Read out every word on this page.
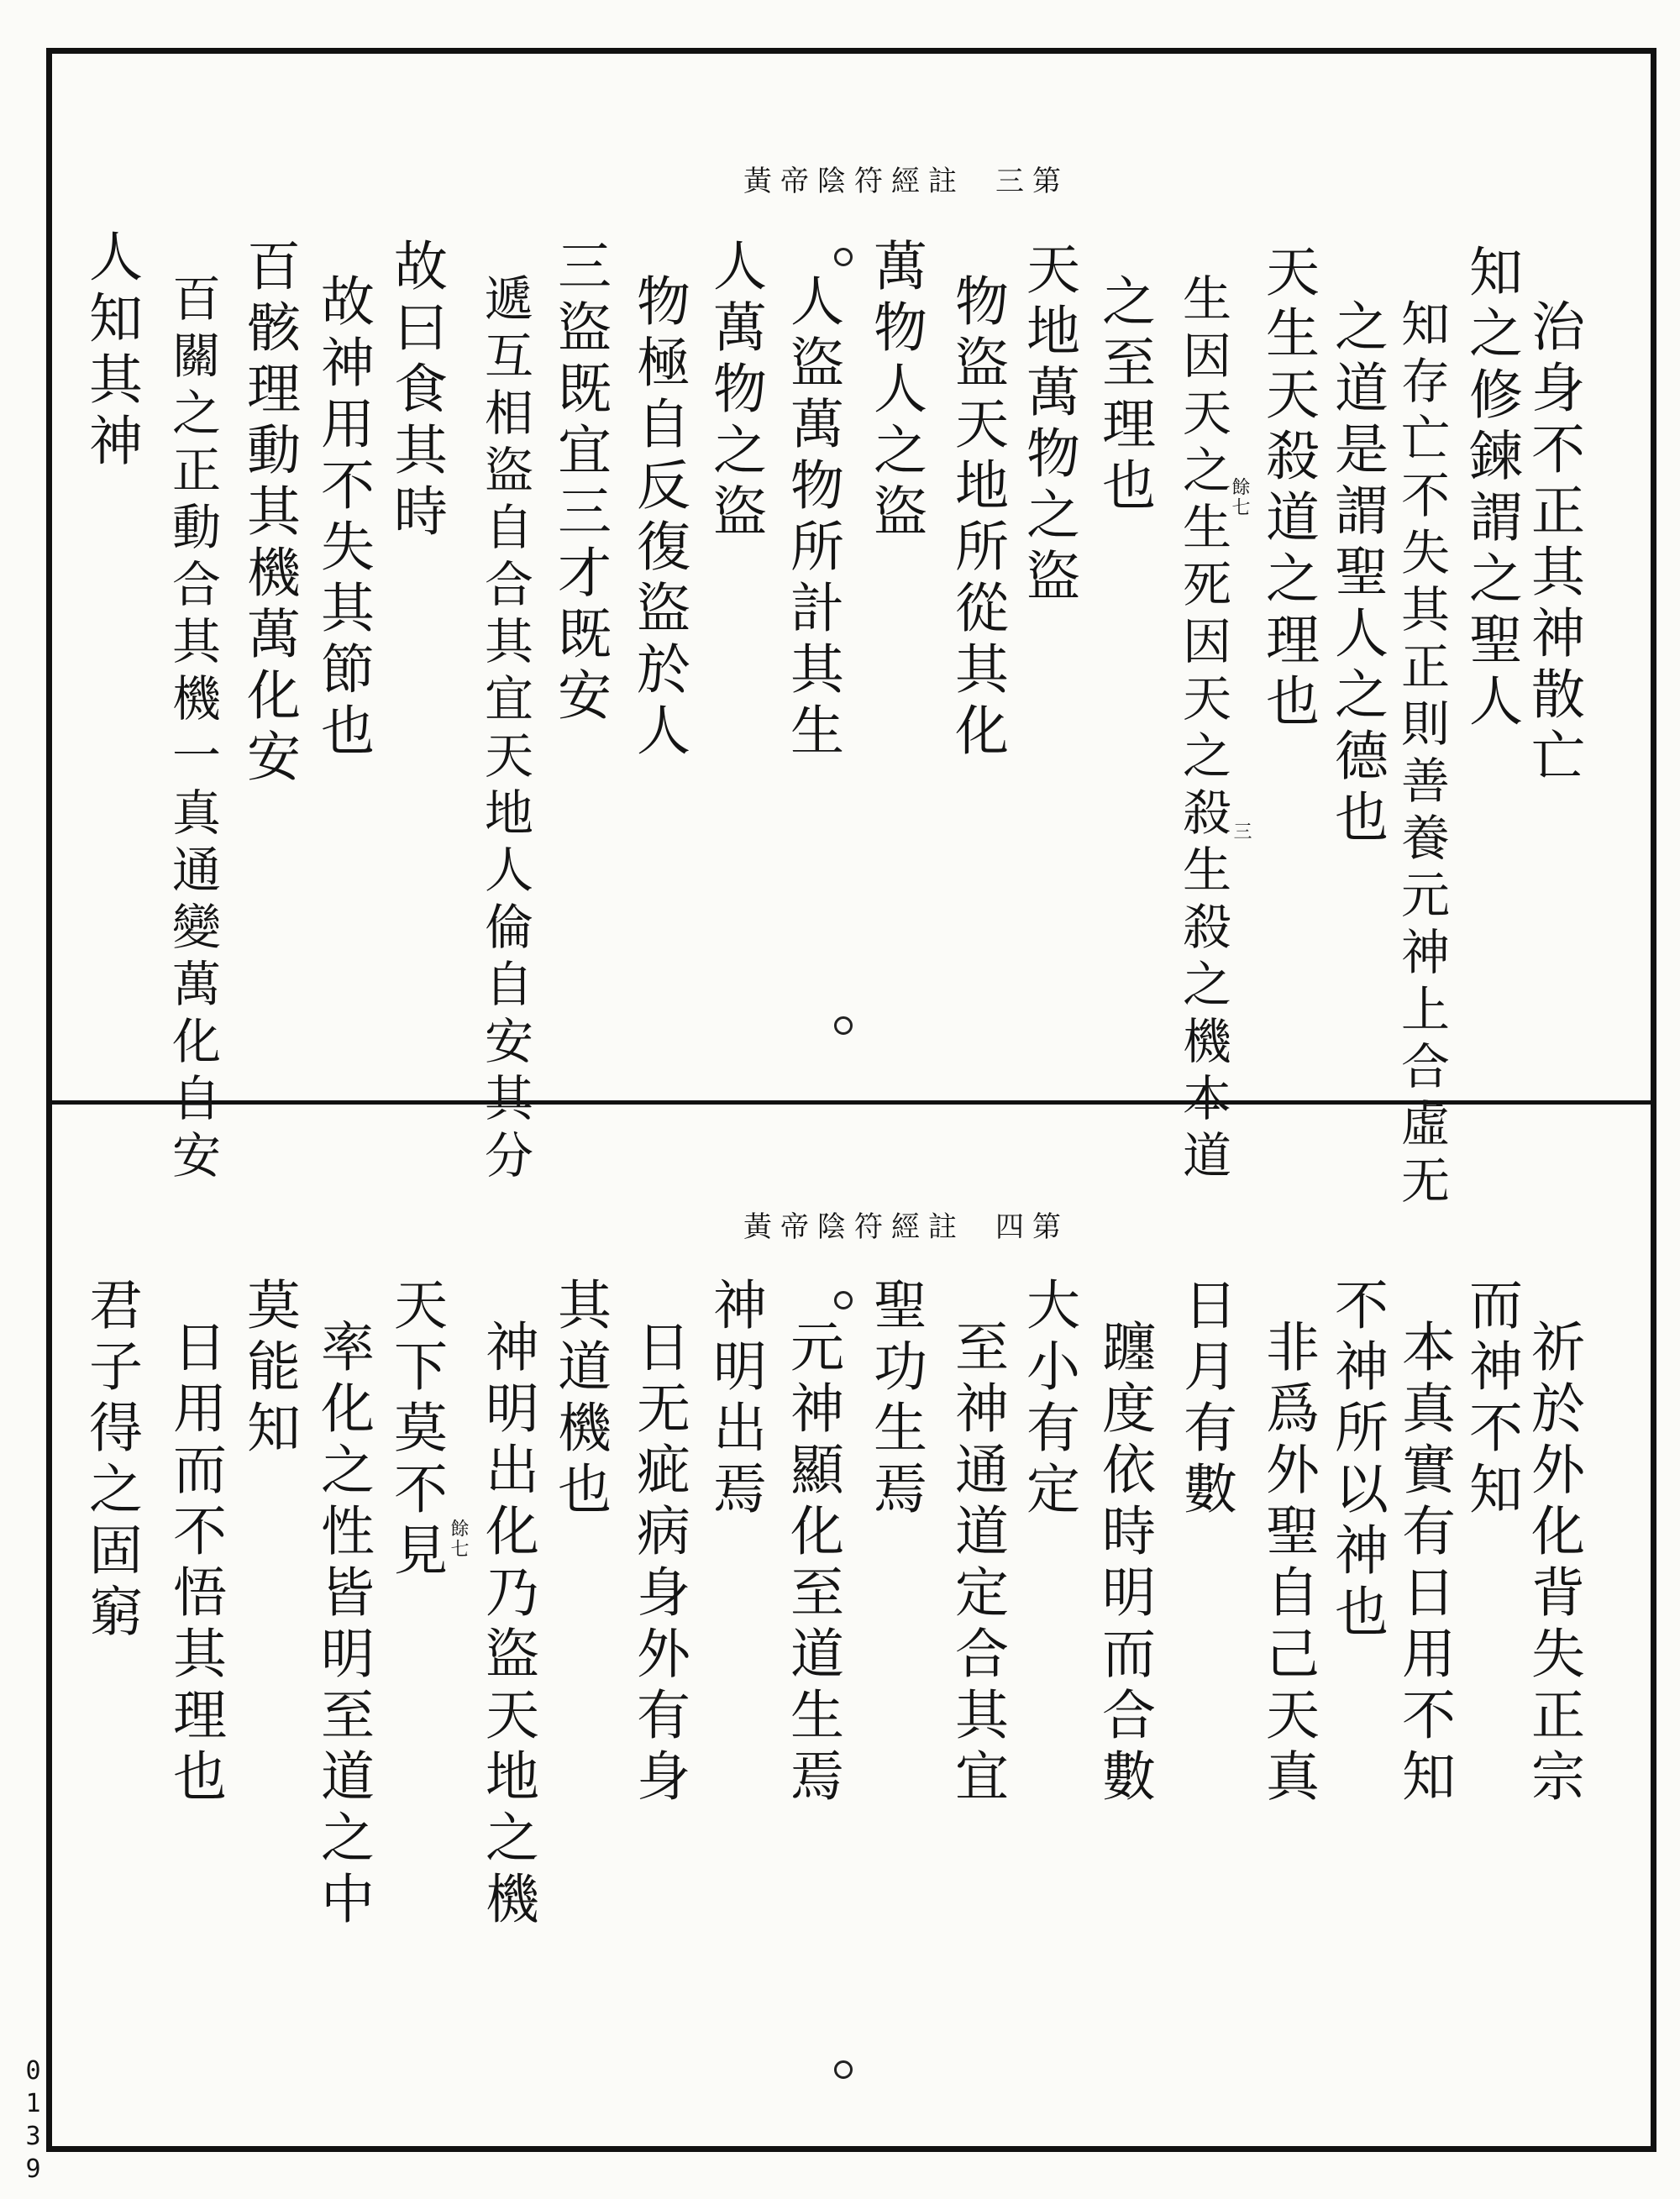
黃帝陰符經註 三第
治身不正其神散亡
知之修鍊謂之聖人
知存亡不失其正則善養元神上合虛无
之道是謂聖人之德也
天生天殺道之理也
生因天之生死因天之殺生殺之機本道
之至理也
天地萬物之盜
物盜天地所從其化
萬物人之盜
人盜萬物所計其生
人萬物之盜
物極自反復盜於人
三盜既宜三才既安
遞互相盜自合其宜天地人倫自安其分
故曰食其時
故神用不失其節也
百骸理動其機萬化安
百關之正動合其機一真通變萬化自安
人知其神
餘七
三
黃帝陰符經註 四第
祈於外化背失正宗
而神不知
本真實有日用不知
不神所以神也
非爲外聖自己天真
日月有數
躔度依時明而合數
大小有定
至神通道定合其宜
聖功生焉
元神顯化至道生焉
神明出焉
日无疵病身外有身
其道機也
神明出化乃盜天地之機
天下莫不見
率化之性皆明至道之中
莫能知
日用而不悟其理也
君子得之固窮	餘七
0139
